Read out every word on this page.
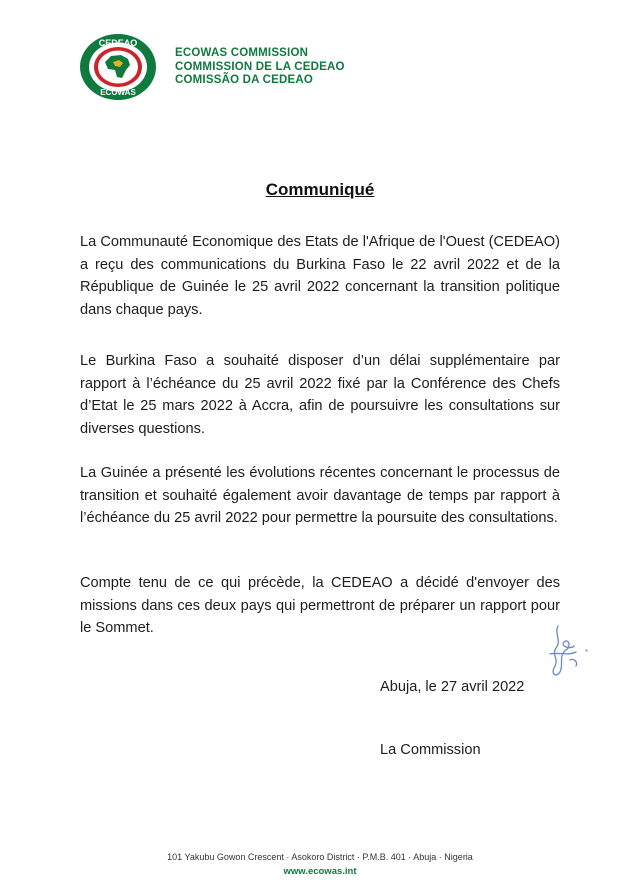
CEDEAO
ECOWAS
ECOWAS COMMISSION
COMMISSION DE LA CEDEAO
COMISSÃO DA CEDEAO
Communiqué
La Communauté Economique des Etats de l'Afrique de l'Ouest (CEDEAO) a reçu des communications du Burkina Faso le 22 avril 2022 et de la République de Guinée le 25 avril 2022 concernant la transition politique dans chaque pays.
Le Burkina Faso a souhaité disposer d’un délai supplémentaire par rapport à l’échéance du 25 avril 2022 fixé par la Conférence des Chefs d’Etat le 25 mars 2022 à Accra, afin de poursuivre les consultations sur diverses questions.
La Guinée a présenté les évolutions récentes concernant le processus de transition et souhaité également avoir davantage de temps par rapport à l’échéance du 25 avril 2022 pour permettre la poursuite des consultations.
Compte tenu de ce qui précède, la CEDEAO a décidé d'envoyer des missions dans ces deux pays qui permettront de préparer un rapport pour le Sommet.
Abuja, le 27 avril 2022
La Commission
101 Yakubu Gowon Crescent · Asokoro District · P.M.B. 401 · Abuja · Nigeria
www.ecowas.int
